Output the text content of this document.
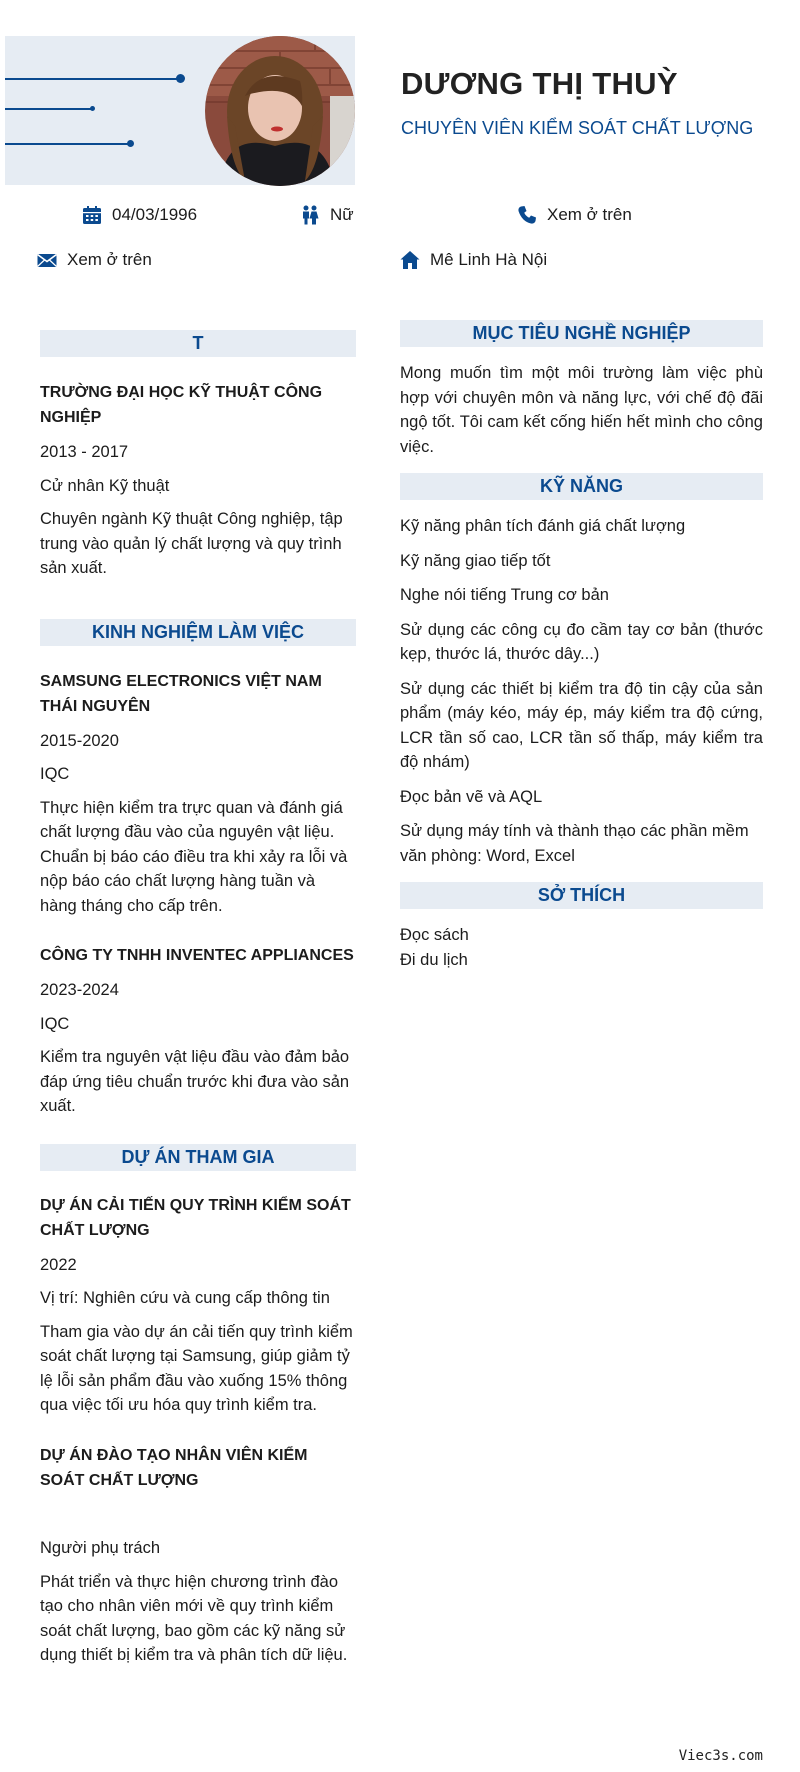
DƯƠNG THỊ THUỲ
CHUYÊN VIÊN KIỂM SOÁT CHẤT LƯỢNG
04/03/1996	Nữ	Xem ở trên
Xem ở trên	Mê Linh Hà Nội
T
TRƯỜNG ĐẠI HỌC KỸ THUẬT CÔNG NGHIỆP
2013 - 2017
Cử nhân Kỹ thuật
Chuyên ngành Kỹ thuật Công nghiệp, tập trung vào quản lý chất lượng và quy trình sản xuất.
KINH NGHIỆM LÀM VIỆC
SAMSUNG ELECTRONICS VIỆT NAM THÁI NGUYÊN
2015-2020
IQC
Thực hiện kiểm tra trực quan và đánh giá chất lượng đầu vào của nguyên vật liệu. Chuẩn bị báo cáo điều tra khi xảy ra lỗi và nộp báo cáo chất lượng hàng tuần và hàng tháng cho cấp trên.
CÔNG TY TNHH INVENTEC APPLIANCES
2023-2024
IQC
Kiểm tra nguyên vật liệu đầu vào đảm bảo đáp ứng tiêu chuẩn trước khi đưa vào sản xuất.
DỰ ÁN THAM GIA
DỰ ÁN CẢI TIẾN QUY TRÌNH KIỂM SOÁT CHẤT LƯỢNG
2022
Vị trí: Nghiên cứu và cung cấp thông tin
Tham gia vào dự án cải tiến quy trình kiểm soát chất lượng tại Samsung, giúp giảm tỷ lệ lỗi sản phẩm đầu vào xuống 15% thông qua việc tối ưu hóa quy trình kiểm tra.
DỰ ÁN ĐÀO TẠO NHÂN VIÊN KIỂM SOÁT CHẤT LƯỢNG
Người phụ trách
Phát triển và thực hiện chương trình đào tạo cho nhân viên mới về quy trình kiểm soát chất lượng, bao gồm các kỹ năng sử dụng thiết bị kiểm tra và phân tích dữ liệu.
MỤC TIÊU NGHỀ NGHIỆP
Mong muốn tìm một môi trường làm việc phù hợp với chuyên môn và năng lực, với chế độ đãi ngộ tốt. Tôi cam kết cống hiến hết mình cho công việc.
KỸ NĂNG
Kỹ năng phân tích đánh giá chất lượng
Kỹ năng giao tiếp tốt
Nghe nói tiếng Trung cơ bản
Sử dụng các công cụ đo cầm tay cơ bản (thước kẹp, thước lá, thước dây...)
Sử dụng các thiết bị kiểm tra độ tin cậy của sản phẩm (máy kéo, máy ép, máy kiểm tra độ cứng, LCR tần số cao, LCR tần số thấp, máy kiểm tra độ nhám)
Đọc bản vẽ và AQL
Sử dụng máy tính và thành thạo các phần mềm văn phòng: Word, Excel
SỞ THÍCH
Đọc sách
Đi du lịch
Viec3s.com
